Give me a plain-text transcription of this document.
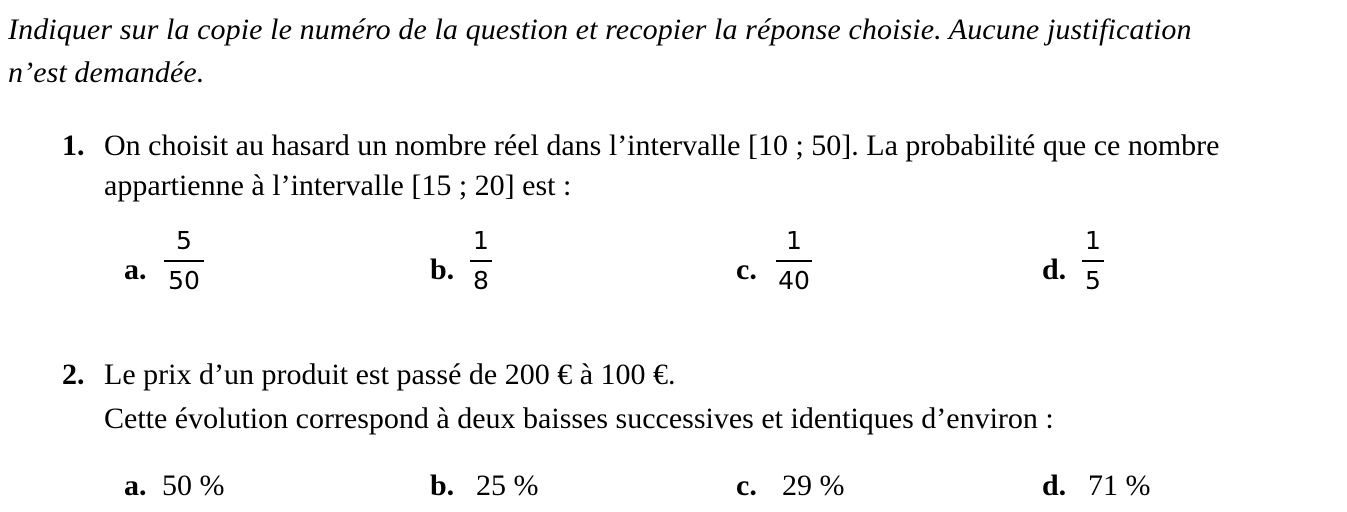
Indiquer sur la copie le numéro de la question et recopier la réponse choisie. Aucune justification
n’est demandée.
1. On choisit au hasard un nombre réel dans l’intervalle [10 ; 50]. La probabilité que ce nombre
appartienne à l’intervalle [15 ; 20] est :
a.
5
50	b.
1
8	c.
1
40	d.
1
5
2. Le prix d’un produit est passé de 200 € à 100 €.
Cette évolution correspond à deux baisses successives et identiques d’environ :
a. 50 %	b. 25 %	c. 29 %	d. 71 %
